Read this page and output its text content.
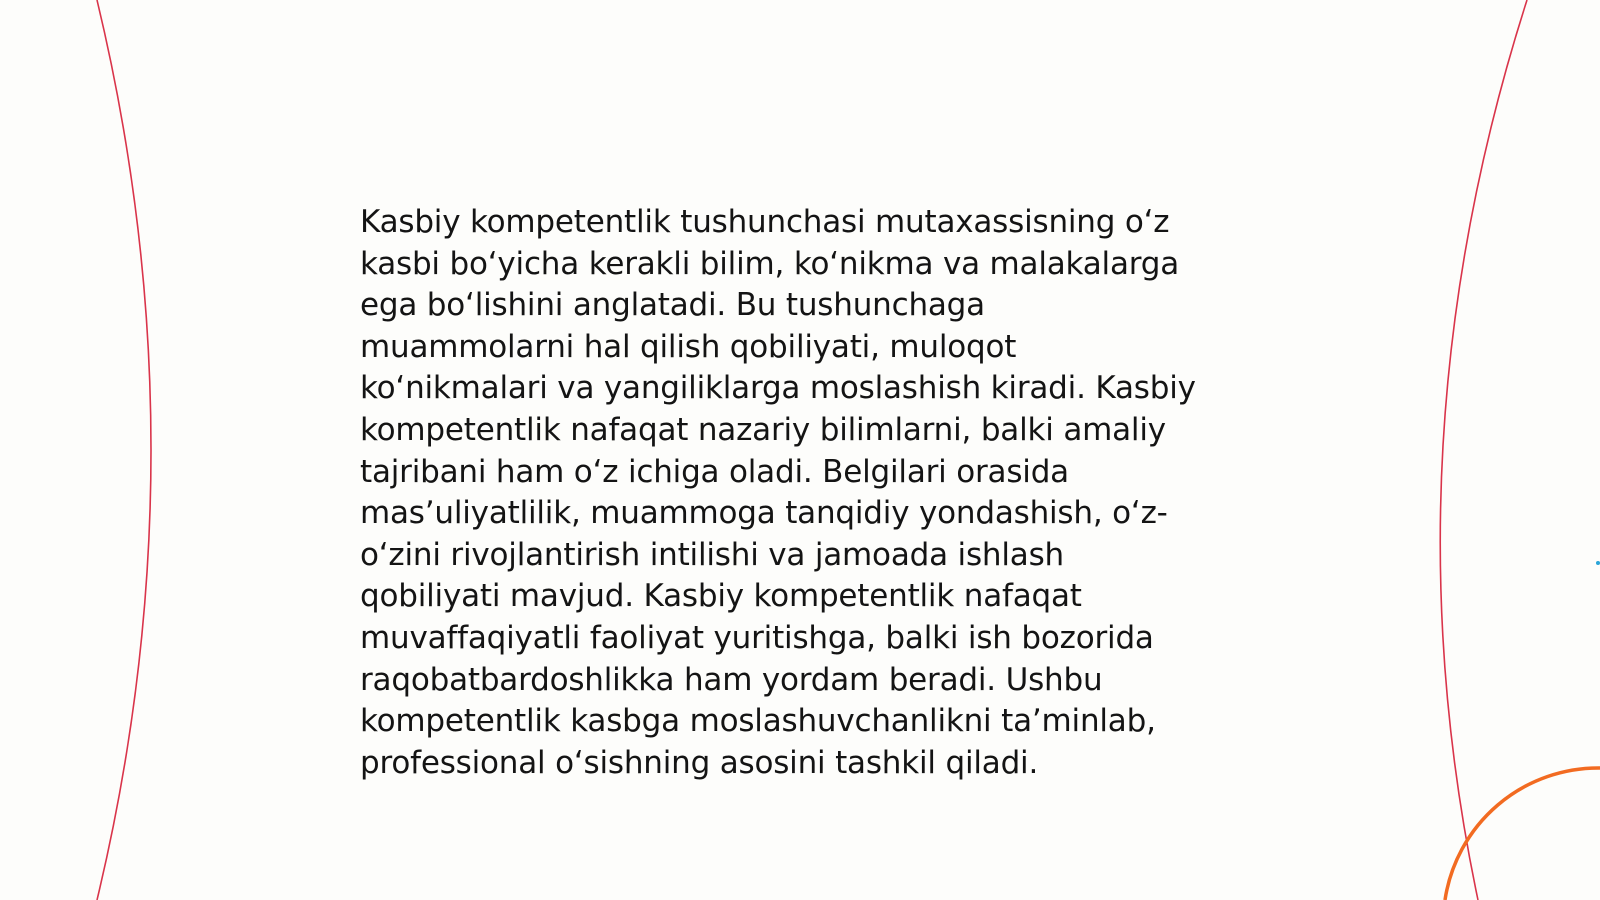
Kasbiy kompetentlik tushunchasi mutaxassisning o‘z
kasbi bo‘yicha kerakli bilim, ko‘nikma va malakalarga
ega bo‘lishini anglatadi. Bu tushunchaga
muammolarni hal qilish qobiliyati, muloqot
ko‘nikmalari va yangiliklarga moslashish kiradi. Kasbiy
kompetentlik nafaqat nazariy bilimlarni, balki amaliy
tajribani ham o‘z ichiga oladi. Belgilari orasida
mas’uliyatlilik, muammoga tanqidiy yondashish, o‘z-
o‘zini rivojlantirish intilishi va jamoada ishlash
qobiliyati mavjud. Kasbiy kompetentlik nafaqat
muvaffaqiyatli faoliyat yuritishga, balki ish bozorida
raqobatbardoshlikka ham yordam beradi. Ushbu
kompetentlik kasbga moslashuvchanlikni ta’minlab,
professional o‘sishning asosini tashkil qiladi.
